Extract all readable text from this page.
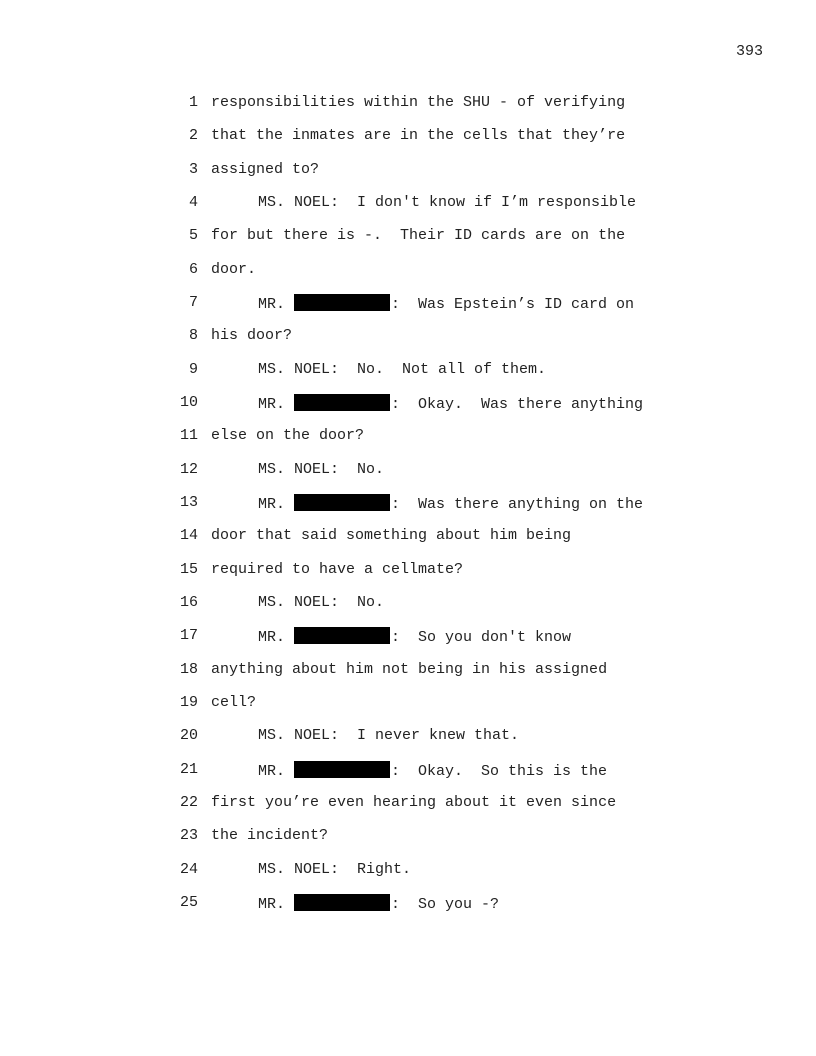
393
1 responsibilities within the SHU - of verifying
2 that the inmates are in the cells that they’re
3 assigned to?
4	MS. NOEL:  I don't know if I’m responsible
5 for but there is -.  Their ID cards are on the
6 door.
7	MR.	:  Was Epstein’s ID card on
8 his door?
9	MS. NOEL:  No.  Not all of them.
10	MR.	:  Okay.  Was there anything
11 else on the door?
12	MS. NOEL:  No.
13	MR.	:  Was there anything on the
14 door that said something about him being
15 required to have a cellmate?
16	MS. NOEL:  No.
17	MR.	:  So you don't know
18 anything about him not being in his assigned
19 cell?
20	MS. NOEL:  I never knew that.
21	MR.	:  Okay.  So this is the
22 first you’re even hearing about it even since
23 the incident?
24	MS. NOEL:  Right.
25	MR.	:  So you -?
